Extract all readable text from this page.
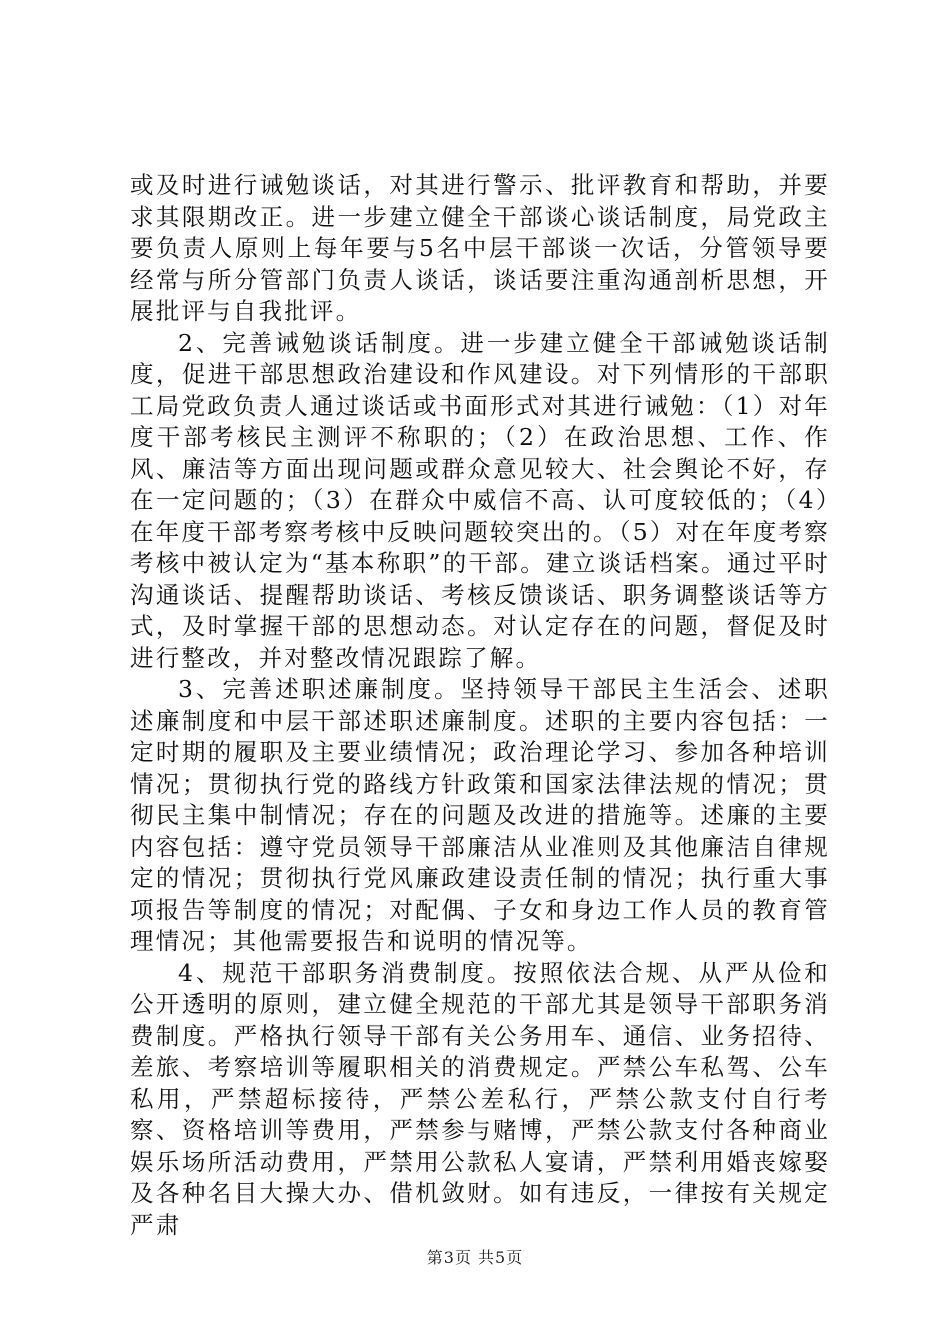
或及时进行诫勉谈话，对其进行警示、批评教育和帮助，并要求其限期改正。进一步建立健全干部谈心谈话制度，局党政主要负责人原则上每年要与5名中层干部谈一次话，分管领导要经常与所分管部门负责人谈话，谈话要注重沟通剖析思想，开展批评与自我批评。

2、完善诫勉谈话制度。进一步建立健全干部诫勉谈话制度，促进干部思想政治建设和作风建设。对下列情形的干部职工局党政负责人通过谈话或书面形式对其进行诫勉：（1）对年度干部考核民主测评不称职的；（2）在政治思想、工作、作风、廉洁等方面出现问题或群众意见较大、社会舆论不好，存在一定问题的；（3）在群众中威信不高、认可度较低的；（4）在年度干部考察考核中反映问题较突出的。（5）对在年度考察考核中被认定为“基本称职”的干部。建立谈话档案。通过平时沟通谈话、提醒帮助谈话、考核反馈谈话、职务调整谈话等方式，及时掌握干部的思想动态。对认定存在的问题，督促及时进行整改，并对整改情况跟踪了解。

3、完善述职述廉制度。坚持领导干部民主生活会、述职述廉制度和中层干部述职述廉制度。述职的主要内容包括：一定时期的履职及主要业绩情况；政治理论学习、参加各种培训情况；贯彻执行党的路线方针政策和国家法律法规的情况；贯彻民主集中制情况；存在的问题及改进的措施等。述廉的主要内容包括：遵守党员领导干部廉洁从业准则及其他廉洁自律规定的情况；贯彻执行党风廉政建设责任制的情况；执行重大事项报告等制度的情况；对配偶、子女和身边工作人员的教育管理情况；其他需要报告和说明的情况等。

4、规范干部职务消费制度。按照依法合规、从严从俭和公开透明的原则，建立健全规范的干部尤其是领导干部职务消费制度。严格执行领导干部有关公务用车、通信、业务招待、差旅、考察培训等履职相关的消费规定。严禁公车私驾、公车私用，严禁超标接待，严禁公差私行，严禁公款支付自行考察、资格培训等费用，严禁参与赌博，严禁公款支付各种商业娱乐场所活动费用，严禁用公款私人宴请，严禁利用婚丧嫁娶及各种名目大操大办、借机敛财。如有违反，一律按有关规定严肃

第3页 共5页
